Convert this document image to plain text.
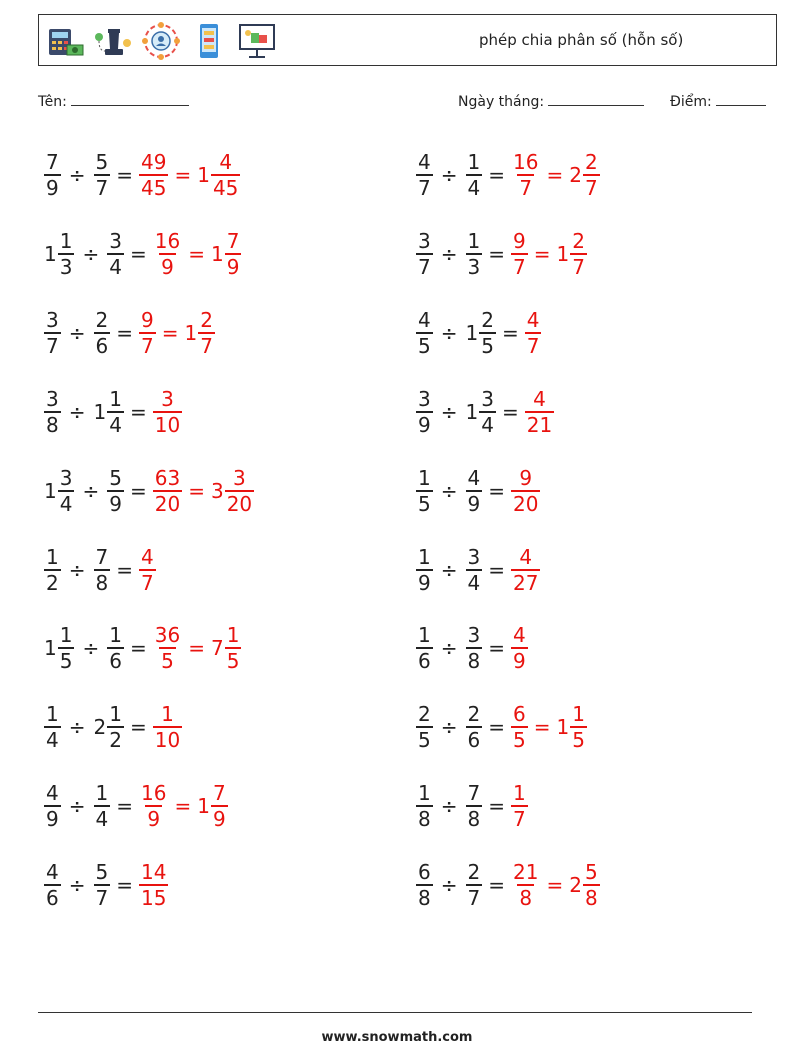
phép chia phân số (hỗn số)
Tên:	Ngày tháng:	Điểm:
$\frac{7}{9} \div \frac{5}{7} = \frac{49}{45} = 1 \frac{4}{45}$	$\frac{4}{7} \div \frac{1}{4} = \frac{16}{7} = 2 \frac{2}{7}$
$1 \frac{1}{3} \div \frac{3}{4} = \frac{16}{9} = 1 \frac{7}{9}$	$\frac{3}{7} \div \frac{1}{3} = \frac{9}{7} = 1 \frac{2}{7}$
$\frac{3}{7} \div \frac{2}{6} = \frac{9}{7} = 1 \frac{2}{7}$	$\frac{4}{5} \div 1 \frac{2}{5} = \frac{4}{7}$
$\frac{3}{8} \div 1 \frac{1}{4} = \frac{3}{10}$	$\frac{3}{9} \div 1 \frac{3}{4} = \frac{4}{21}$
$1 \frac{3}{4} \div \frac{5}{9} = \frac{63}{20} = 3 \frac{3}{20}$	$\frac{1}{5} \div \frac{4}{9} = \frac{9}{20}$
$\frac{1}{2} \div \frac{7}{8} = \frac{4}{7}$	$\frac{1}{9} \div \frac{3}{4} = \frac{4}{27}$
$1 \frac{1}{5} \div \frac{1}{6} = \frac{36}{5} = 7 \frac{1}{5}$	$\frac{1}{6} \div \frac{3}{8} = \frac{4}{9}$
$\frac{1}{4} \div 2 \frac{1}{2} = \frac{1}{10}$	$\frac{2}{5} \div \frac{2}{6} = \frac{6}{5} = 1 \frac{1}{5}$
$\frac{4}{9} \div \frac{1}{4} = \frac{16}{9} = 1 \frac{7}{9}$	$\frac{1}{8} \div \frac{7}{8} = \frac{1}{7}$
$\frac{4}{6} \div \frac{5}{7} = \frac{14}{15}$	$\frac{6}{8} \div \frac{2}{7} = \frac{21}{8} = 2 \frac{5}{8}$
www.snowmath.com
